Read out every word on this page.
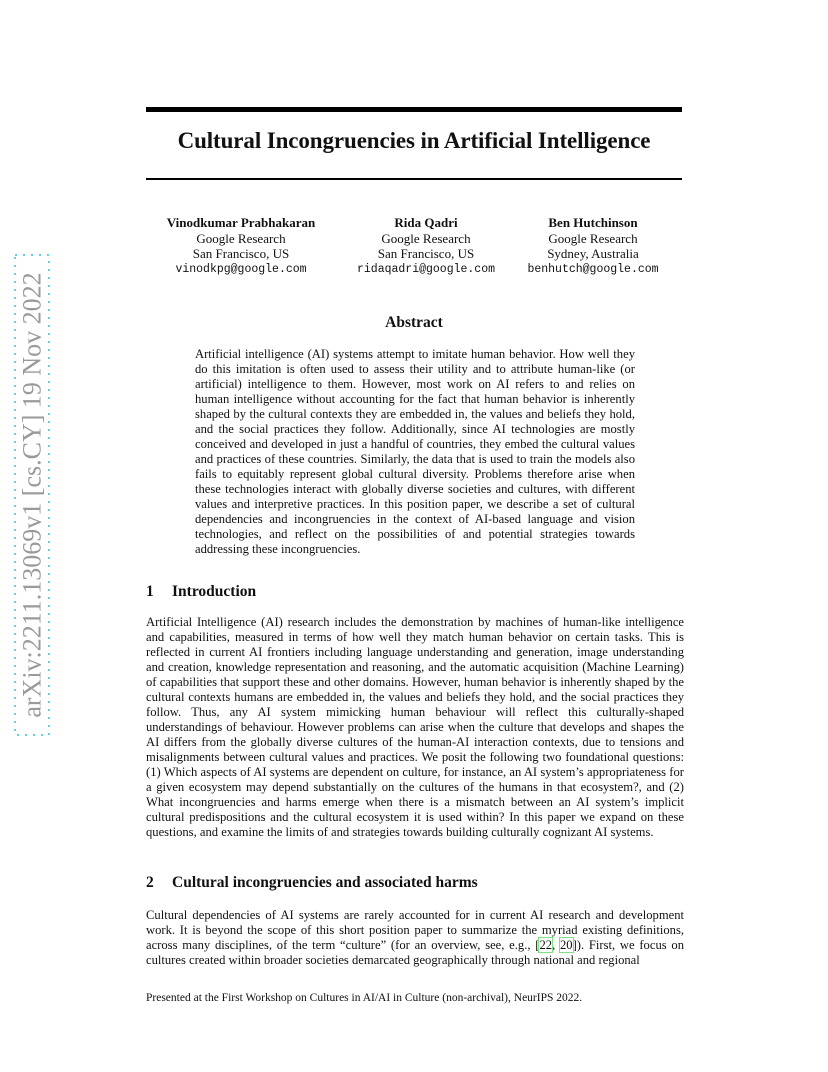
arXiv:2211.13069v1 [cs.CY] 19 Nov 2022
Cultural Incongruencies in Artificial Intelligence
Vinodkumar Prabhakaran
Google Research
San Francisco, US
vinodkpg@google.com
Rida Qadri
Google Research
San Francisco, US
ridaqadri@google.com
Ben Hutchinson
Google Research
Sydney, Australia
benhutch@google.com
Abstract
Artificial intelligence (AI) systems attempt to imitate human behavior. How well they do this imitation is often used to assess their utility and to attribute human-like (or artificial) intelligence to them. However, most work on AI refers to and relies on human intelligence without accounting for the fact that human behavior is inherently shaped by the cultural contexts they are embedded in, the values and beliefs they hold, and the social practices they follow. Additionally, since AI technologies are mostly conceived and developed in just a handful of countries, they embed the cultural values and practices of these countries. Similarly, the data that is used to train the models also fails to equitably represent global cultural diversity. Problems therefore arise when these technologies interact with globally diverse societies and cultures, with different values and interpretive practices. In this position paper, we describe a set of cultural dependencies and incongruencies in the context of AI-based language and vision technologies, and reflect on the possibilities of and potential strategies towards addressing these incongruencies.
1 Introduction
Artificial Intelligence (AI) research includes the demonstration by machines of human-like intelligence and capabilities, measured in terms of how well they match human behavior on certain tasks. This is reflected in current AI frontiers including language understanding and generation, image understanding and creation, knowledge representation and reasoning, and the automatic acquisition (Machine Learning) of capabilities that support these and other domains. However, human behavior is inherently shaped by the cultural contexts humans are embedded in, the values and beliefs they hold, and the social practices they follow. Thus, any AI system mimicking human behaviour will reflect this culturally-shaped understandings of behaviour. However problems can arise when the culture that develops and shapes the AI differs from the globally diverse cultures of the human-AI interaction contexts, due to tensions and misalignments between cultural values and practices. We posit the following two foundational questions: (1) Which aspects of AI systems are dependent on culture, for instance, an AI system’s appropriateness for a given ecosystem may depend substantially on the cultures of the humans in that ecosystem?, and (2) What incongruencies and harms emerge when there is a mismatch between an AI system’s implicit cultural predispositions and the cultural ecosystem it is used within? In this paper we expand on these questions, and examine the limits of and strategies towards building culturally cognizant AI systems.
2 Cultural incongruencies and associated harms
Cultural dependencies of AI systems are rarely accounted for in current AI research and development work. It is beyond the scope of this short position paper to summarize the myriad existing definitions, across many disciplines, of the term “culture” (for an overview, see, e.g., [22, 20]). First, we focus on cultures created within broader societies demarcated geographically through national and regional
Presented at the First Workshop on Cultures in AI/AI in Culture (non-archival), NeurIPS 2022.
